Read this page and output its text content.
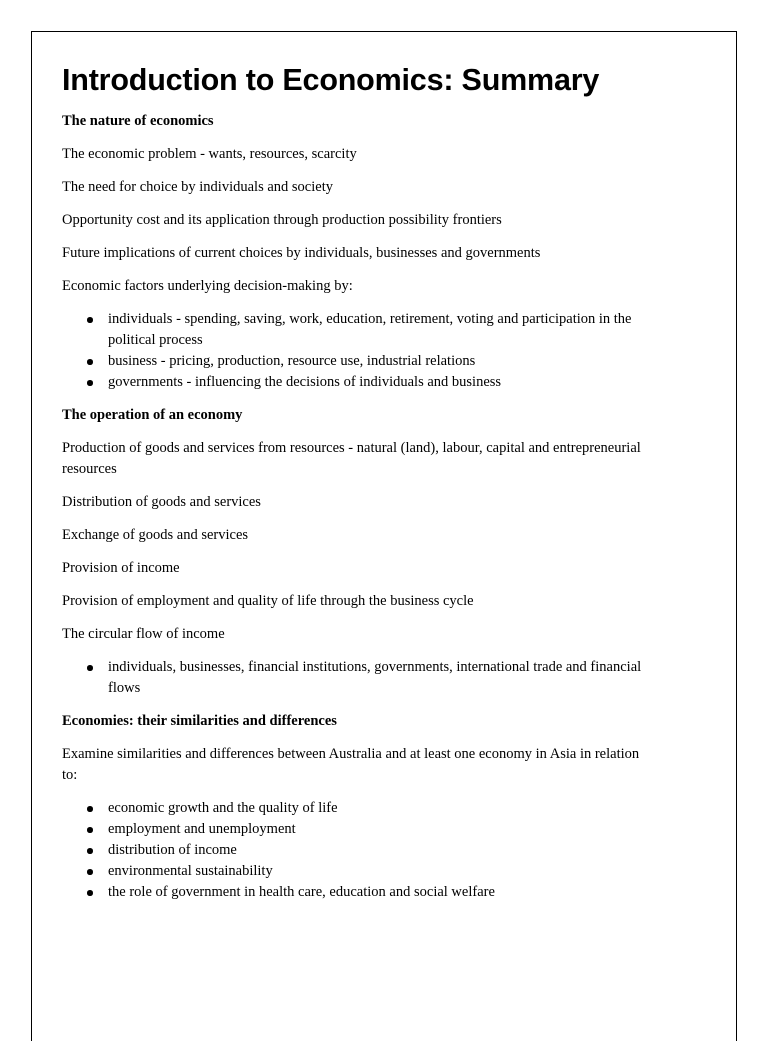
Introduction to Economics: Summary
The nature of economics

The economic problem - wants, resources, scarcity

The need for choice by individuals and society

Opportunity cost and its application through production possibility frontiers

Future implications of current choices by individuals, businesses and governments

Economic factors underlying decision-making by:

individuals - spending, saving, work, education, retirement, voting and participation in the political process
business - pricing, production, resource use, industrial relations
governments - influencing the decisions of individuals and business
The operation of an economy

Production of goods and services from resources - natural (land), labour, capital and entrepreneurial resources

Distribution of goods and services

Exchange of goods and services

Provision of income

Provision of employment and quality of life through the business cycle

The circular flow of income

individuals, businesses, financial institutions, governments, international trade and financial flows
Economies: their similarities and differences

Examine similarities and differences between Australia and at least one economy in Asia in relation to:

economic growth and the quality of life
employment and unemployment
distribution of income
environmental sustainability
the role of government in health care, education and social welfare
